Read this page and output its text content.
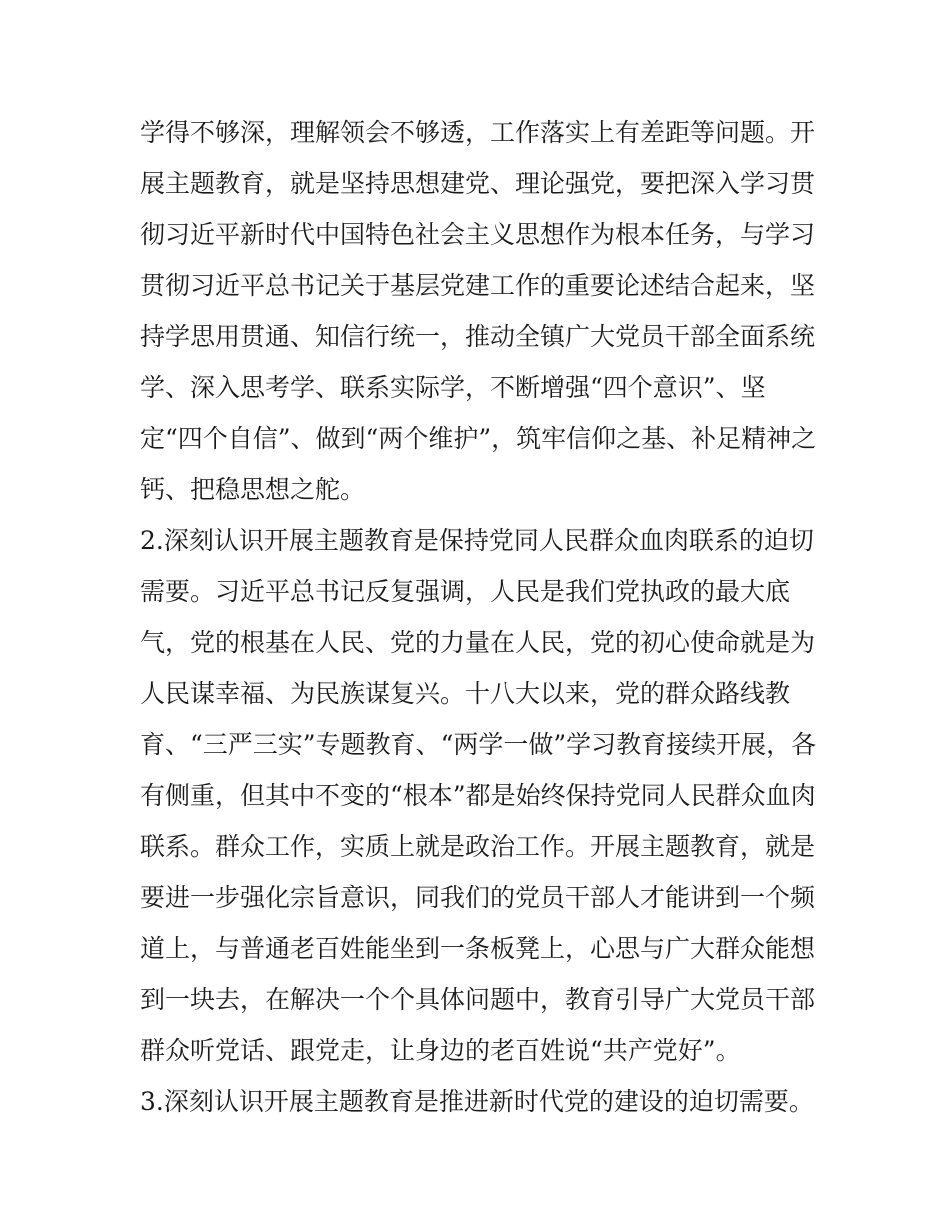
学得不够深，理解领会不够透，工作落实上有差距等问题。开
展主题教育，就是坚持思想建党、理论强党，要把深入学习贯
彻习近平新时代中国特色社会主义思想作为根本任务，与学习
贯彻习近平总书记关于基层党建工作的重要论述结合起来，坚
持学思用贯通、知信行统一，推动全镇广大党员干部全面系统
学、深入思考学、联系实际学，不断增强“四个意识”、坚
定“四个自信”、做到“两个维护”，筑牢信仰之基、补足精神之
钙、把稳思想之舵。
2.深刻认识开展主题教育是保持党同人民群众血肉联系的迫切
需要。习近平总书记反复强调，人民是我们党执政的最大底
气，党的根基在人民、党的力量在人民，党的初心使命就是为
人民谋幸福、为民族谋复兴。十八大以来，党的群众路线教
育、“三严三实”专题教育、“两学一做”学习教育接续开展，各
有侧重，但其中不变的“根本”都是始终保持党同人民群众血肉
联系。群众工作，实质上就是政治工作。开展主题教育，就是
要进一步强化宗旨意识，同我们的党员干部人才能讲到一个频
道上，与普通老百姓能坐到一条板凳上，心思与广大群众能想
到一块去，在解决一个个具体问题中，教育引导广大党员干部
群众听党话、跟党走，让身边的老百姓说“共产党好”。
3.深刻认识开展主题教育是推进新时代党的建设的迫切需要。
